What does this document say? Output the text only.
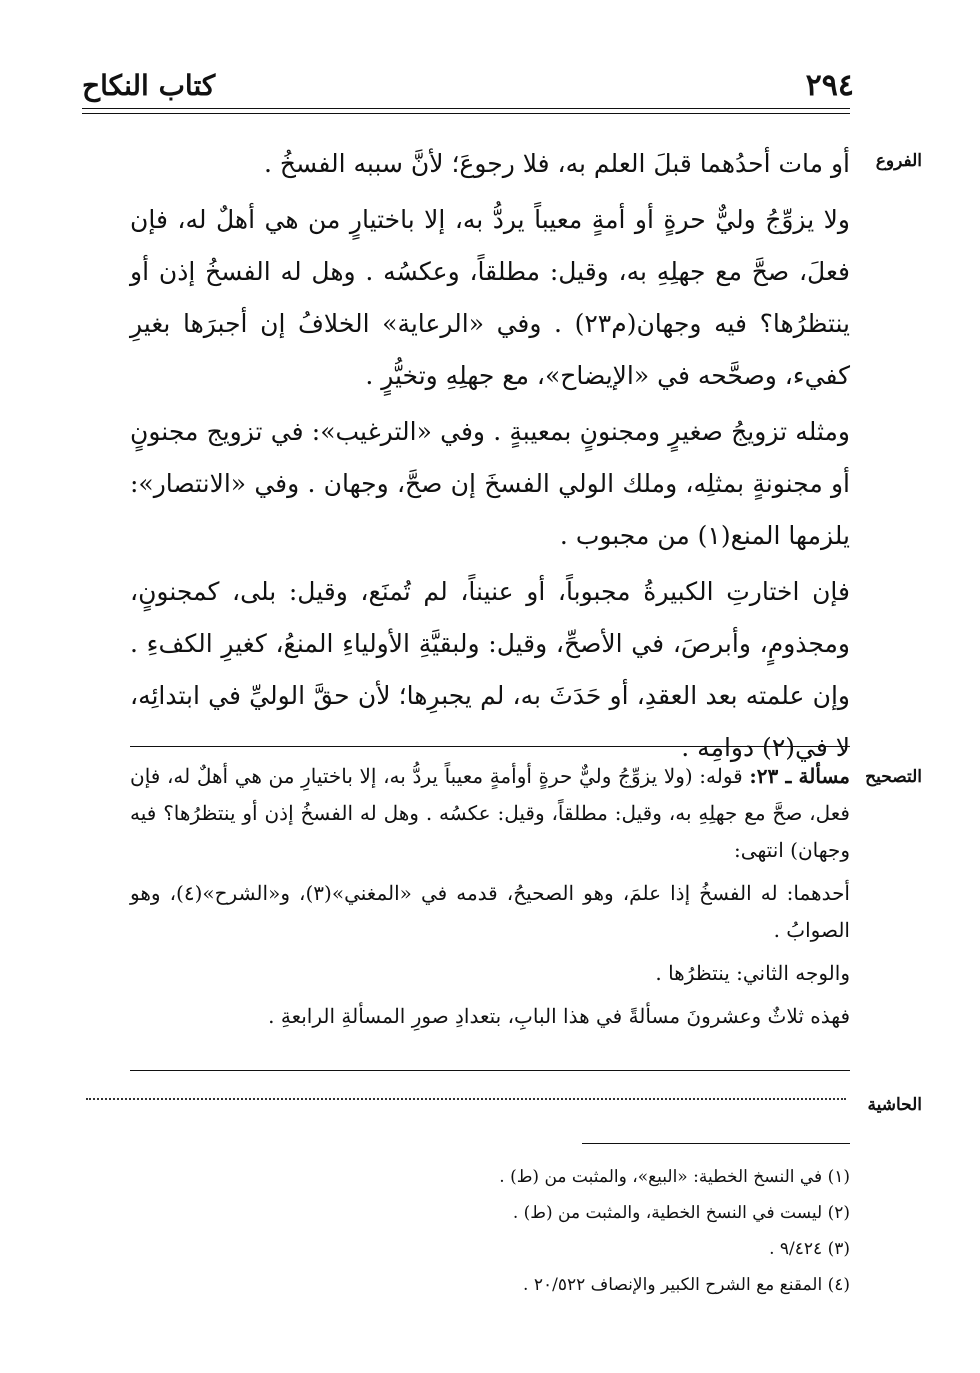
٢٩٤
كتاب النكاح
الفروع

أو مات أحدُهما قبلَ العلم به، فلا رجوعَ؛ لأنَّ سببه الفسخُ .

ولا يزوِّجُ وليٌّ حرةٍ أو أمةٍ معيباً يردُّ به، إلا باختيارٍ من هي أهلٌ له، فإن فعلَ، صحَّ مع جهلِهِ به، وقيل: مطلقاً، وعكسُه . وهل له الفسخُ إذن أو ينتظرُها؟ فيه وجهان(م٢٣) . وفي «الرعاية» الخلافُ إن أجبرَها بغيرِ كفيء، وصحَّحه في «الإيضاح»، مع جهلِهِ وتخيُّرٍ .

ومثله تزويجُ صغيرٍ ومجنونٍ بمعيبةٍ . وفي «الترغيب»: في تزويج مجنونٍ أو مجنونةٍ بمثلِه، وملك الولي الفسخَ إن صحَّ، وجهان . وفي «الانتصار»: يلزمها المنع(١) من مجبوب .

فإن اختارتِ الكبيرةُ مجبوباً، أو عنيناً، لم تُمنَع، وقيل: بلى، كمجنونٍ، ومجذومٍ، وأبرصَ، في الأصحِّ، وقيل: ولبقيَّةِ الأولياءِ المنعُ، كغيرِ الكفءِ . وإن علمته بعد العقدِ، أو حَدَثَ به، لم يجبرِها؛ لأن حقَّ الوليِّ في ابتدائِه، لا في(٢) دوامِه .

التصحيح

مسألة ـ ٢٣: قوله: (ولا يزوِّجُ وليٌّ حرةٍ أوأمةٍ معيباً يردُّ به، إلا باختيارِ من هي أهلٌ له، فإن فعل، صحَّ مع جهلِهِ به، وقيل: مطلقاً، وقيل: عكسُه . وهل له الفسخُ إذن أو ينتظرُها؟ فيه وجهان) انتهى:

أحدهما: له الفسخُ إذا علمَ، وهو الصحيحُ، قدمه في «المغني»(٣)، و«الشرح»(٤)، وهو الصوابُ .

والوجه الثاني: ينتظرُها .

فهذه ثلاثٌ وعشرونَ مسألةً في هذا البابِ، بتعدادِ صورِ المسألةِ الرابعةِ .

الحاشية

(١) في النسخ الخطية: «البيع»، والمثبت من (ط) .

(٢) ليست في النسخ الخطية، والمثبت من (ط) .

(٣) ٩/٤٢٤ .

(٤) المقنع مع الشرح الكبير والإنصاف ٢٠/٥٢٢ .
